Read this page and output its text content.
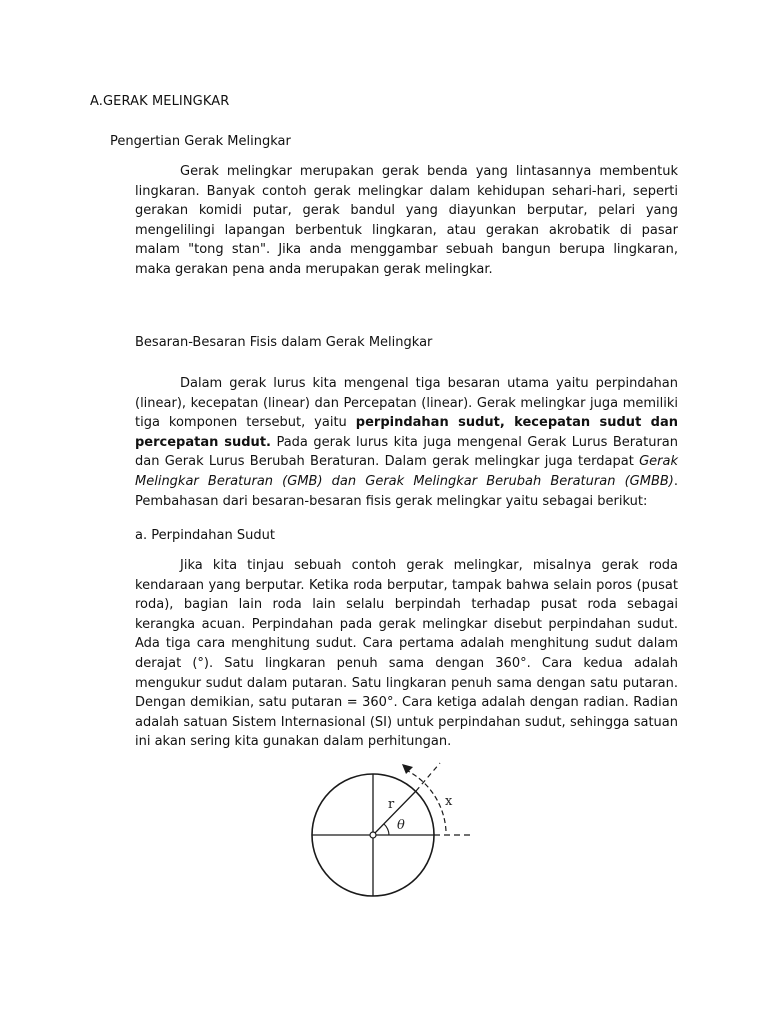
A.GERAK MELINGKAR
Pengertian Gerak Melingkar
Gerak melingkar merupakan gerak benda yang lintasannya membentuk lingkaran. Banyak contoh gerak melingkar dalam kehidupan sehari-hari, seperti gerakan komidi putar, gerak bandul yang diayunkan berputar, pelari yang mengelilingi lapangan berbentuk lingkaran, atau gerakan akrobatik di pasar malam "tong stan". Jika anda menggambar sebuah bangun berupa lingkaran, maka gerakan pena anda merupakan gerak melingkar.
Besaran-Besaran Fisis dalam Gerak Melingkar
Dalam gerak lurus kita mengenal tiga besaran utama yaitu perpindahan (linear), kecepatan (linear) dan Percepatan (linear). Gerak melingkar juga memiliki tiga komponen tersebut, yaitu perpindahan sudut, kecepatan sudut dan percepatan sudut. Pada gerak lurus kita juga mengenal Gerak Lurus Beraturan dan Gerak Lurus Berubah Beraturan. Dalam gerak melingkar juga terdapat Gerak Melingkar Beraturan (GMB) dan Gerak Melingkar Berubah Beraturan (GMBB). Pembahasan dari besaran-besaran fisis gerak melingkar yaitu sebagai berikut:
a. Perpindahan Sudut
Jika kita tinjau sebuah contoh gerak melingkar, misalnya gerak roda kendaraan yang berputar. Ketika roda berputar, tampak bahwa selain poros (pusat roda), bagian lain roda lain selalu berpindah terhadap pusat roda sebagai kerangka acuan. Perpindahan pada gerak melingkar disebut perpindahan sudut. Ada tiga cara menghitung sudut. Cara pertama adalah menghitung sudut dalam derajat (°). Satu lingkaran penuh sama dengan 360°. Cara kedua adalah mengukur sudut dalam putaran. Satu lingkaran penuh sama dengan satu putaran. Dengan demikian, satu putaran = 360°. Cara ketiga adalah dengan radian. Radian adalah satuan Sistem Internasional (SI) untuk perpindahan sudut, sehingga satuan ini akan sering kita gunakan dalam perhitungan.
r	x
θ
